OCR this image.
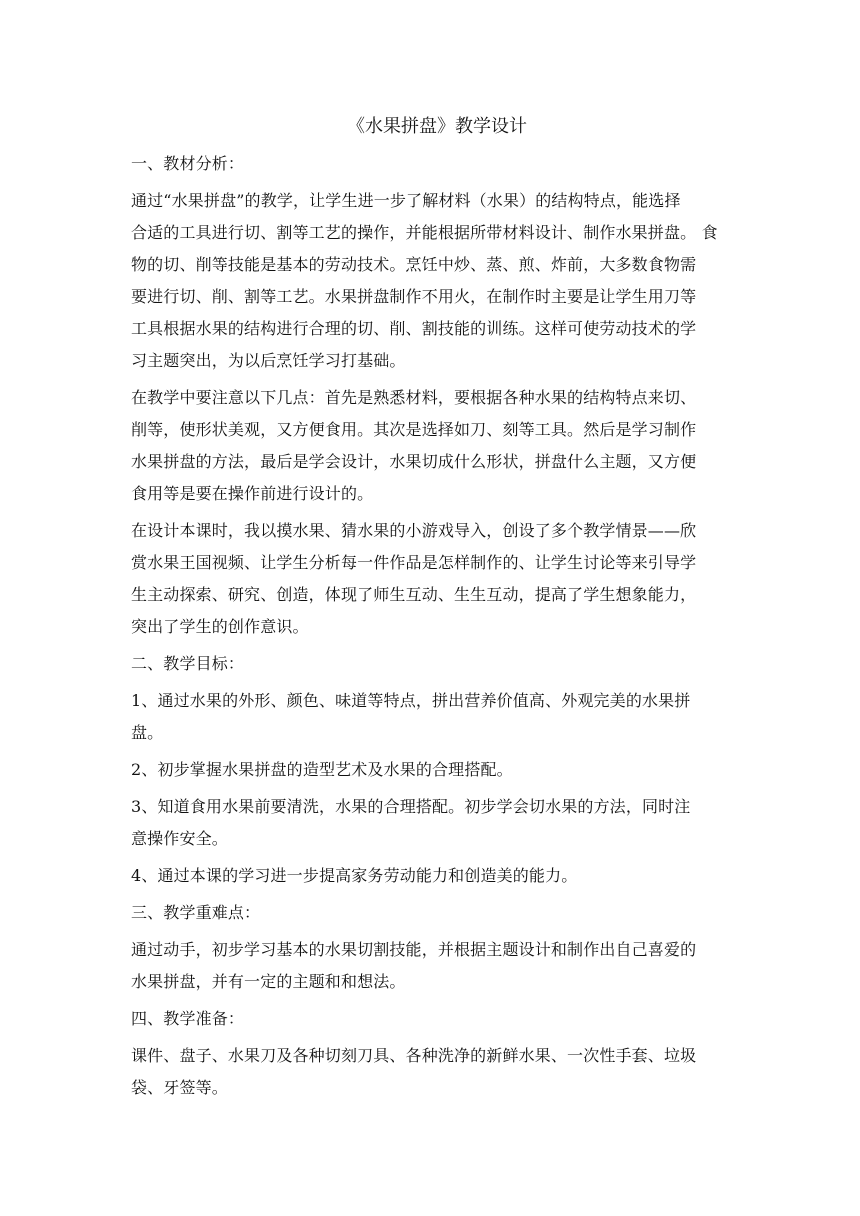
《水果拼盘》教学设计
一、教材分析：
通过“水果拼盘”的教学，让学生进一步了解材料（水果）的结构特点，能选择
合适的工具进行切、割等工艺的操作，并能根据所带材料设计、制作水果拼盘。 食
物的切、削等技能是基本的劳动技术。烹饪中炒、蒸、煎、炸前，大多数食物需
要进行切、削、割等工艺。水果拼盘制作不用火，在制作时主要是让学生用刀等
工具根据水果的结构进行合理的切、削、割技能的训练。这样可使劳动技术的学
习主题突出，为以后烹饪学习打基础。
在教学中要注意以下几点：首先是熟悉材料，要根据各种水果的结构特点来切、
削等，使形状美观，又方便食用。其次是选择如刀、刻等工具。然后是学习制作
水果拼盘的方法，最后是学会设计，水果切成什么形状，拼盘什么主题，又方便
食用等是要在操作前进行设计的。
在设计本课时，我以摸水果、猜水果的小游戏导入，创设了多个教学情景——欣
赏水果王国视频、让学生分析每一件作品是怎样制作的、让学生讨论等来引导学
生主动探索、研究、创造，体现了师生互动、生生互动，提高了学生想象能力，
突出了学生的创作意识。
二、教学目标：
1、通过水果的外形、颜色、味道等特点，拼出营养价值高、外观完美的水果拼
盘。
2、初步掌握水果拼盘的造型艺术及水果的合理搭配。
3、知道食用水果前要清洗，水果的合理搭配。初步学会切水果的方法，同时注
意操作安全。
4、通过本课的学习进一步提高家务劳动能力和创造美的能力。
三、教学重难点：
通过动手，初步学习基本的水果切割技能，并根据主题设计和制作出自己喜爱的
水果拼盘，并有一定的主题和和想法。
四、教学准备：
课件、盘子、水果刀及各种切刻刀具、各种洗净的新鲜水果、一次性手套、垃圾
袋、牙签等。
